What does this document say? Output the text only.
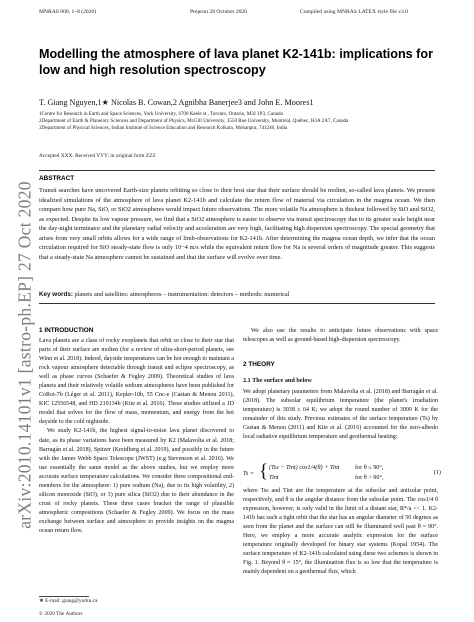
MNRAS 000, 1–8 (2020)	Preprint 28 October 2020	Compiled using MNRAS LATEX style file v3.0
Modelling the atmosphere of lava planet K2-141b: implications for low and high resolution spectroscopy
T. Giang Nguyen,1★ Nicolas B. Cowan,2 Agnibha Banerjee3 and John E. Moores1
1Centre for Research in Earth and Space Sciences, York University, 4700 Keele st., Toronto, Ontario, M3J 1P3, Canada
2Department of Earth & Planetary Sciences and Department of Physics, McGill University, 3550 Rue University, Montréal, Québec, H3A 2A7, Canada
3Department of Physical Sciences, Indian Institute of Science Education and Research Kolkata, Mohanpur, 741246, India
Accepted XXX. Received YYY; in original form ZZZ
ABSTRACT
Transit searches have uncovered Earth-size planets orbiting so close to their host star that their surface should be molten, so-called lava planets. We present idealized simulations of the atmosphere of lava planet K2-141b and calculate the return flow of material via circulation in the magma ocean. We then compare how pure Na, SiO, or SiO2 atmospheres would impact future observations. The more volatile Na atmosphere is thickest followed by SiO and SiO2, as expected. Despite its low vapour pressure, we find that a SiO2 atmosphere is easier to observe via transit spectroscopy due to its greater scale height near the day-night terminator and the planetary radial velocity and acceleration are very high, facilitating high dispersion spectroscopy. The special geometry that arises from very small orbits allows for a wide range of limb-observations for K2-141b. After determining the magma ocean depth, we infer that the ocean circulation required for SiO steady-state flow is only 10−4 m/s while the equivalent return flow for Na is several orders of magnitude greater. This suggests that a steady-state Na atmosphere cannot be sustained and that the surface will evolve over time.
Key words: planets and satellites: atmospheres – instrumentation: detectors – methods: numerical
arXiv:2010.14101v1 [astro-ph.EP] 27 Oct 2020 1 INTRODUCTION

Lava planets are a class of rocky exoplanets that orbit so close to their star that parts of their surface are molten (for a review of ultra-short-period planets, see Winn et al. 2018). Indeed, dayside temperatures can be hot enough to maintain a rock vapour atmosphere detectable through transit and eclipse spectroscopy, as well as phase curves (Schaefer & Fegley 2009). Theoretical studies of lava planets and their relatively volatile sodium atmospheres have been published for CoRot-7b (Léger et al. 2011), Kepler-10b, 55 Cnc-e (Castan & Menou 2011), KIC 12556548, and HD 219134b (Kite et al. 2016). These studies utilized a 1D model that solves for the flow of mass, momentum, and energy from the hot dayside to the cold nightside.

We study K2-141b, the highest signal-to-noise lava planet discovered to date, as its phase variations have been measured by K2 (Malavolta et al. 2018; Barragán et al. 2018), Spitzer (Kreidberg et al. 2019), and possibly in the future with the James Webb Space Telescope (JWST) (e.g Stevenson et al. 2016). We use essentially the same model as the above studies, but we employ more accurate surface temperature calculations. We consider three compositional end-members for the atmosphere: 1) pure sodium (Na), due to its high volatility, 2) silicon monoxide (SiO), or 3) pure silica (SiO2) due to their abundance in the crust of rocky planets. These three cases bracket the range of plausible atmospheric compositions (Schaefer & Fegley 2009). We focus on the mass exchange between surface and atmosphere to provide insights on the magma ocean return flow.

We also use the results to anticipate future observations with space telescopes as well as ground-based high-dispersion spectroscopy.

2 THEORY
2.1 The surface and below

We adopt planetary parameters from Malavolta et al. (2018) and Barragán et al. (2018). The subsolar equilibrium temperature (the planet's irradiation temperature) is 3038 ± 64 K; we adopt the round number of 3000 K for the remainder of this study. Previous estimates of the surface temperature (Ts) by Castan & Menou (2011) and Kite et al. (2016) accounted for the zero-albedo local radiative equilibrium temperature and geothermal heating:

Ts = { (Tss − Tint) cos1/4(θ) + Tint	for θ ≤ 90°,
Tint	for θ > 90°,
(1)

where Tss and Tint are the temperature at the subsolar and antisolar point, respectively, and θ is the angular distance from the subsolar point. The cos1/4 θ expression, however, is only valid in the limit of a distant star, R*/a << 1. K2-141b has such a tight orbit that the star has an angular diameter of 50 degrees as seen from the planet and the surface can still be illuminated well past θ = 90°. Here, we employ a more accurate analytic expression for the surface temperature originally developed for binary star systems (Kopal 1954). The surface temperature of K2-141b calculated using these two schemes is shown in Fig. 1. Beyond θ ≈ 15°, the illumination flux is so low that the temperature is mainly dependent on a geothermal flux, which

★ E-mail: giang@yorku.ca
© 2020 The Authors
